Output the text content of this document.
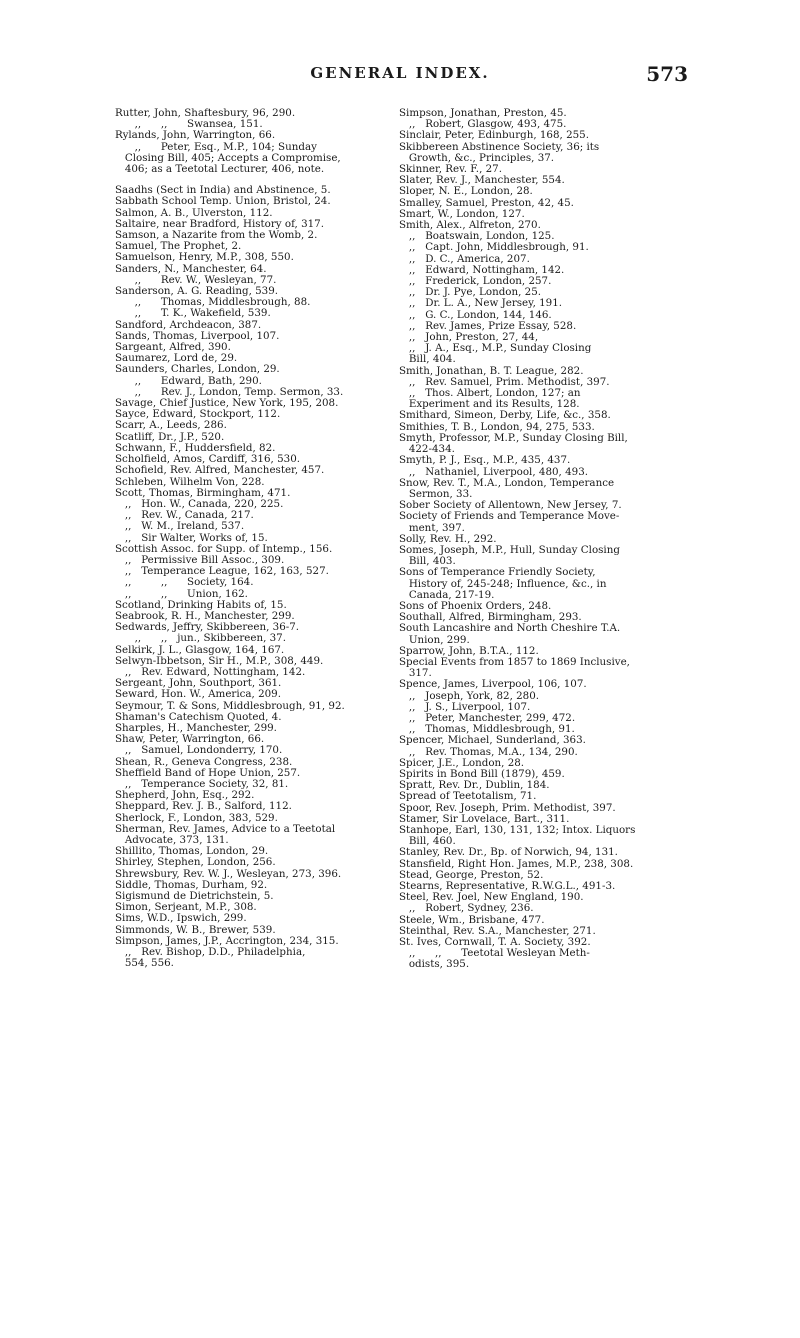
GENERAL INDEX.	573

Rutter, John, Shaftesbury, 96, 290.

,,      ,,      Swansea, 151.

Rylands, John, Warrington, 66.

,,      Peter, Esq., M.P., 104; Sunday

Closing Bill, 405; Accepts a Compromise,

406; as a Teetotal Lecturer, 406, note.

Saadhs (Sect in India) and Abstinence, 5.

Sabbath School Temp. Union, Bristol, 24.

Salmon, A. B., Ulverston, 112.

Saltaire, near Bradford, History of, 317.

Samson, a Nazarite from the Womb, 2.

Samuel, The Prophet, 2.

Samuelson, Henry, M.P., 308, 550.

Sanders, N., Manchester, 64.

,,      Rev. W., Wesleyan, 77.

Sanderson, A. G. Reading, 539.

,,      Thomas, Middlesbrough, 88.

,,      T. K., Wakefield, 539.

Sandford, Archdeacon, 387.

Sands, Thomas, Liverpool, 107.

Sargeant, Alfred, 390.

Saumarez, Lord de, 29.

Saunders, Charles, London, 29.

,,      Edward, Bath, 290.

,,      Rev. J., London, Temp. Sermon, 33.

Savage, Chief Justice, New York, 195, 208.

Sayce, Edward, Stockport, 112.

Scarr, A., Leeds, 286.

Scatliff, Dr., J.P., 520.

Schwann, F., Huddersfield, 82.

Scholfield, Amos, Cardiff, 316, 530.

Schofield, Rev. Alfred, Manchester, 457.

Schleben, Wilhelm Von, 228.

Scott, Thomas, Birmingham, 471.

,,   Hon. W., Canada, 220, 225.

,,   Rev. W., Canada, 217.

,,   W. M., Ireland, 537.

,,   Sir Walter, Works of, 15.

Scottish Assoc. for Supp. of Intemp., 156.

,,   Permissive Bill Assoc., 309.

,,   Temperance League, 162, 163, 527.

,,         ,,      Society, 164.

,,         ,,      Union, 162.

Scotland, Drinking Habits of, 15.

Seabrook, R. H., Manchester, 299.

Sedwards, Jeffry, Skibbereen, 36-7.

,,      ,,   jun., Skibbereen, 37.

Selkirk, J. L., Glasgow, 164, 167.

Selwyn-Ibbetson, Sir H., M.P., 308, 449.

,,   Rev. Edward, Nottingham, 142.

Sergeant, John, Southport, 361.

Seward, Hon. W., America, 209.

Seymour, T. & Sons, Middlesbrough, 91, 92.

Shaman's Catechism Quoted, 4.

Sharples, H., Manchester, 299.

Shaw, Peter, Warrington, 66.

,,   Samuel, Londonderry, 170.

Shean, R., Geneva Congress, 238.

Sheffield Band of Hope Union, 257.

,,   Temperance Society, 32, 81.

Shepherd, John, Esq., 292.

Sheppard, Rev. J. B., Salford, 112.

Sherlock, F., London, 383, 529.

Sherman, Rev. James, Advice to a Teetotal

Advocate, 373, 131.

Shillito, Thomas, London, 29.

Shirley, Stephen, London, 256.

Shrewsbury, Rev. W. J., Wesleyan, 273, 396.

Siddle, Thomas, Durham, 92.

Sigismund de Dietrichstein, 5.

Simon, Serjeant, M.P., 308.

Sims, W.D., Ipswich, 299.

Simmonds, W. B., Brewer, 539.

Simpson, James, J.P., Accrington, 234, 315.

,,   Rev. Bishop, D.D., Philadelphia,

554, 556.

Simpson, Jonathan, Preston, 45.

,,   Robert, Glasgow, 493, 475.

Sinclair, Peter, Edinburgh, 168, 255.

Skibbereen Abstinence Society, 36; its

Growth, &c., Principles, 37.

Skinner, Rev. F., 27.

Slater, Rev. J., Manchester, 554.

Sloper, N. E., London, 28.

Smalley, Samuel, Preston, 42, 45.

Smart, W., London, 127.

Smith, Alex., Alfreton, 270.

,,   Boatswain, London, 125.

,,   Capt. John, Middlesbrough, 91.

,,   D. C., America, 207.

,,   Edward, Nottingham, 142.

,,   Frederick, London, 257.

,,   Dr. J. Pye, London, 25.

,,   Dr. L. A., New Jersey, 191.

,,   G. C., London, 144, 146.

,,   Rev. James, Prize Essay, 528.

,,   John, Preston, 27, 44,

,,   J. A., Esq., M.P., Sunday Closing

Bill, 404.

Smith, Jonathan, B. T. League, 282.

,,   Rev. Samuel, Prim. Methodist, 397.

,,   Thos. Albert, London, 127; an

Experiment and its Results, 128.

Smithard, Simeon, Derby, Life, &c., 358.

Smithies, T. B., London, 94, 275, 533.

Smyth, Professor, M.P., Sunday Closing Bill,

422-434.

Smyth, P. J., Esq., M.P., 435, 437.

,,   Nathaniel, Liverpool, 480, 493.

Snow, Rev. T., M.A., London, Temperance

Sermon, 33.

Sober Society of Allentown, New Jersey, 7.

Society of Friends and Temperance Move-

ment, 397.

Solly, Rev. H., 292.

Somes, Joseph, M.P., Hull, Sunday Closing

Bill, 403.

Sons of Temperance Friendly Society,

History of, 245-248; Influence, &c., in

Canada, 217-19.

Sons of Phoenix Orders, 248.

Southall, Alfred, Birmingham, 293.

South Lancashire and North Cheshire T.A.

Union, 299.

Sparrow, John, B.T.A., 112.

Special Events from 1857 to 1869 Inclusive,

317.

Spence, James, Liverpool, 106, 107.

,,   Joseph, York, 82, 280.

,,   J. S., Liverpool, 107.

,,   Peter, Manchester, 299, 472.

,,   Thomas, Middlesbrough, 91.

Spencer, Michael, Sunderland, 363.

,,   Rev. Thomas, M.A., 134, 290.

Spicer, J.E., London, 28.

Spirits in Bond Bill (1879), 459.

Spratt, Rev. Dr., Dublin, 184.

Spread of Teetotalism, 71.

Spoor, Rev. Joseph, Prim. Methodist, 397.

Stamer, Sir Lovelace, Bart., 311.

Stanhope, Earl, 130, 131, 132; Intox. Liquors

Bill, 460.

Stanley, Rev. Dr., Bp. of Norwich, 94, 131.

Stansfield, Right Hon. James, M.P., 238, 308.

Stead, George, Preston, 52.

Stearns, Representative, R.W.G.L., 491-3.

Steel, Rev. Joel, New England, 190.

,,   Robert, Sydney, 236.

Steele, Wm., Brisbane, 477.

Steinthal, Rev. S.A., Manchester, 271.

St. Ives, Cornwall, T. A. Society, 392.

,,      ,,      Teetotal Wesleyan Meth-

odists, 395.
